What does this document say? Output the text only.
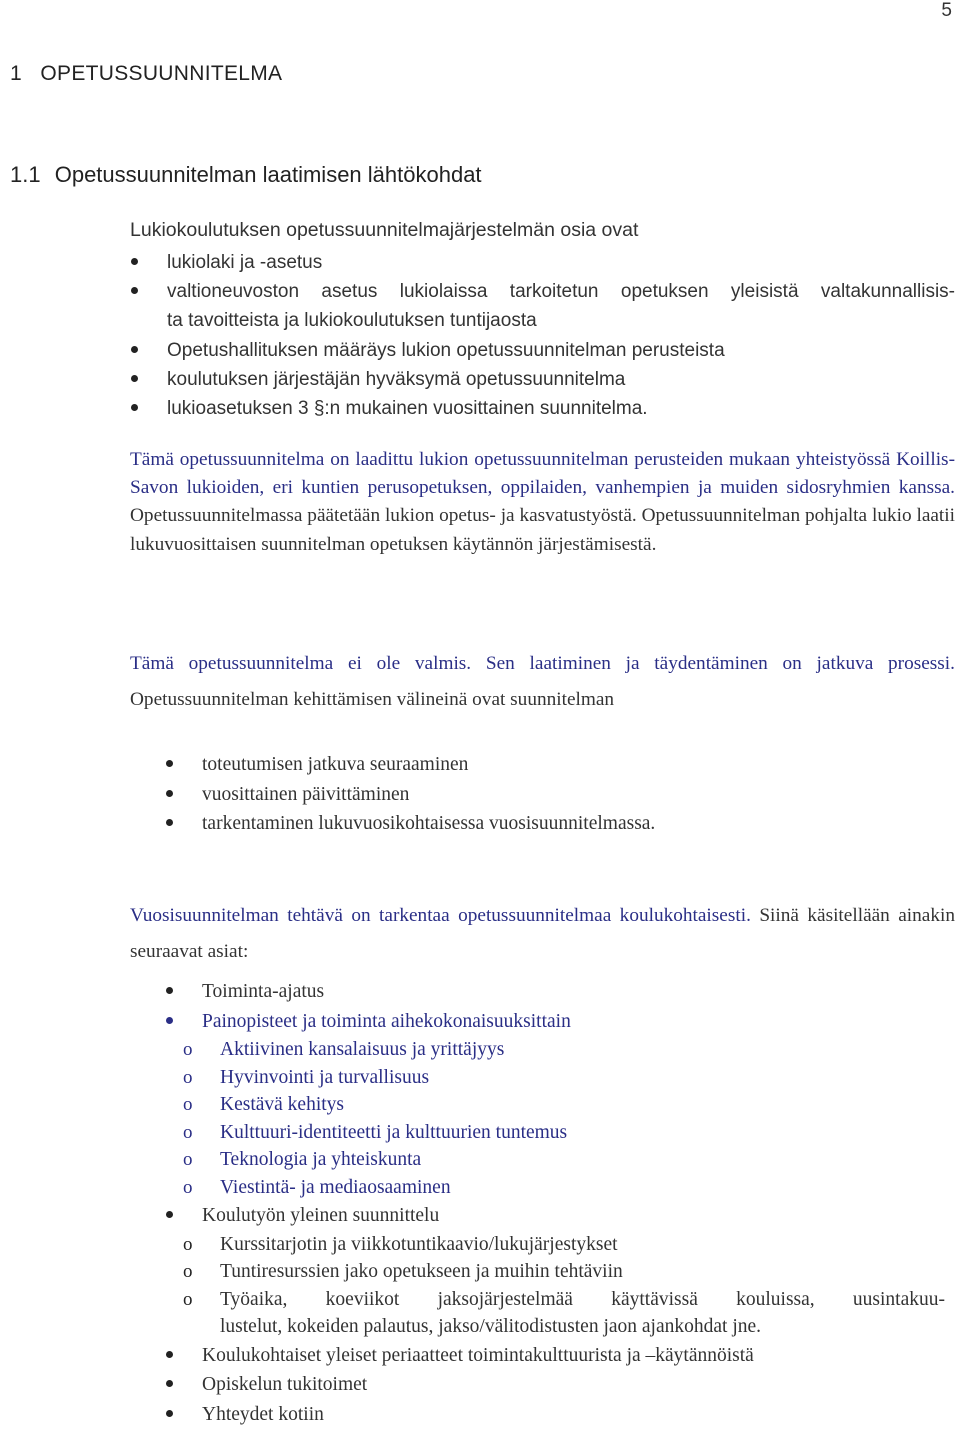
5
1 OPETUSSUUNNITELMA
1.1 Opetussuunnitelman laatimisen lähtökohdat
Lukiokoulutuksen opetussuunnitelmajärjestelmän osia ovat
lukiolaki ja -asetus
valtioneuvoston asetus lukiolaissa tarkoitetun opetuksen yleisistä valtakunnallisis-
ta tavoitteista ja lukiokoulutuksen tuntijaosta
Opetushallituksen määräys lukion opetussuunnitelman perusteista
koulutuksen järjestäjän hyväksymä opetussuunnitelma
lukioasetuksen 3 §:n mukainen vuosittainen suunnitelma.
Tämä opetussuunnitelma on laadittu lukion opetussuunnitelman perusteiden mukaan yhteistyössä Koillis-Savon lukioiden, eri kuntien perusopetuksen, oppilaiden, vanhempien ja muiden sidosryhmien kanssa. Opetussuunnitelmassa päätetään lukion opetus- ja kasvatustyöstä. Opetussuunnitelman pohjalta lukio laatii lukuvuosittaisen suunnitelman opetuksen käytännön järjestämisestä.
Tämä opetussuunnitelma ei ole valmis. Sen laatiminen ja täydentäminen on jatkuva prosessi. Opetussuunnitelman kehittämisen välineinä ovat suunnitelman
toteutumisen jatkuva seuraaminen
vuosittainen päivittäminen
tarkentaminen lukuvuosikohtaisessa vuosisuunnitelmassa.
Vuosisuunnitelman tehtävä on tarkentaa opetussuunnitelmaa koulukohtaisesti. Siinä käsitellään ainakin seuraavat asiat:
Toiminta-ajatus
Painopisteet ja toiminta aihekokonaisuuksittain
o Aktiivinen kansalaisuus ja yrittäjyys
o Hyvinvointi ja turvallisuus
o Kestävä kehitys
o Kulttuuri-identiteetti ja kulttuurien tuntemus
o Teknologia ja yhteiskunta
o Viestintä- ja mediaosaaminen
Koulutyön yleinen suunnittelu
o Kurssitarjotin ja viikkotuntikaavio/lukujärjestykset
o Tuntiresurssien jako opetukseen ja muihin tehtäviin
o Työaika, koeviikot jaksojärjestelmää käyttävissä kouluissa, uusintakuu-
lustelut, kokeiden palautus, jakso/välitodistusten jaon ajankohdat jne.
Koulukohtaiset yleiset periaatteet toimintakulttuurista ja –käytännöistä
Opiskelun tukitoimet
Yhteydet kotiin
